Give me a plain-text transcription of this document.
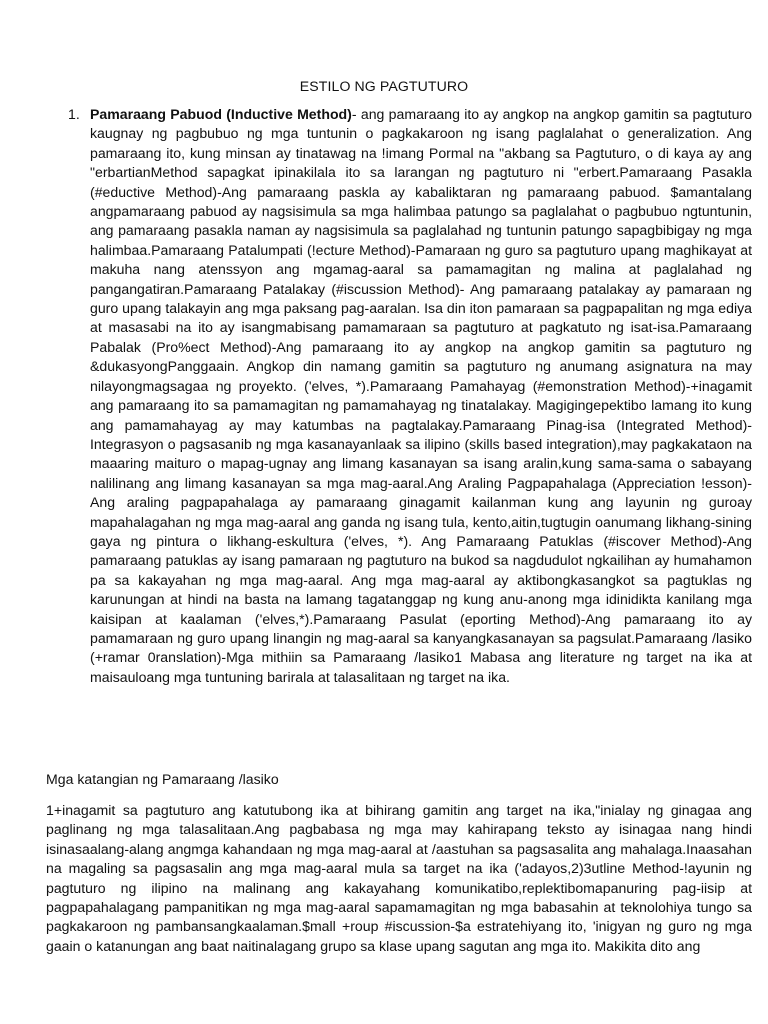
ESTILO NG PAGTUTURO
1. Pamaraang Pabuod (Inductive Method)- ang pamaraang ito ay angkop na angkop gamitin sa pagtuturo kaugnay ng pagbubuo ng mga tuntunin o pagkakaroon ng isang paglalahat o generalization. Ang pamaraang ito, kung minsan ay tinatawag na !imang Pormal na "akbang sa Pagtuturo, o di kaya ay ang "erbartianMethod sapagkat ipinakilala ito sa larangan ng pagtuturo ni "erbert.Pamaraang Pasakla (#eductive Method)-Ang pamaraang paskla ay kabaliktaran ng pamaraang pabuod. $amantalang angpamaraang pabuod ay nagsisimula sa mga halimbaa patungo sa paglalahat o pagbubuo ngtuntunin, ang pamaraang pasakla naman ay nagsisimula sa paglalahad ng tuntunin patungo sapagbibigay ng mga halimbaa.Pamaraang Patalumpati (!ecture Method)-Pamaraan ng guro sa pagtuturo upang maghikayat at makuha nang atenssyon ang mgamag-aaral sa pamamagitan ng malina at paglalahad ng pangangatiran.Pamaraang Patalakay (#iscussion Method)- Ang pamaraang patalakay ay pamaraan ng guro upang talakayin ang mga paksang pag-aaralan. Isa din iton pamaraan sa pagpapalitan ng mga ediya at masasabi na ito ay isangmabisang pamamaraan sa pagtuturo at pagkatuto ng isat-isa.Pamaraang Pabalak (Pro%ect Method)-Ang pamaraang ito ay angkop na angkop gamitin sa pagtuturo ng &dukasyongPanggaain. Angkop din namang gamitin sa pagtuturo ng anumang asignatura na may nilayongmagsagaa ng proyekto. ('elves, *).Pamaraang Pamahayag (#emonstration Method)-+inagamit ang pamaraang ito sa pamamagitan ng pamamahayag ng tinatalakay. Magigingepektibo lamang ito kung ang pamamahayag ay may katumbas na pagtalakay.Pamaraang Pinag-isa (Integrated Method)-Integrasyon o pagsasanib ng mga kasanayanlaak sa ilipino (skills based integration),may pagkakataon na maaaring maituro o mapag-ugnay ang limang kasanayan sa isang aralin,kung sama-sama o sabayang nalilinang ang limang kasanayan sa mga mag-aaral.Ang Araling Pagpapahalaga (Appreciation !esson)-Ang araling pagpapahalaga ay pamaraang ginagamit kailanman kung ang layunin ng guroay mapahalagahan ng mga mag-aaral ang ganda ng isang tula, kento,aitin,tugtugin oanumang likhang-sining gaya ng pintura o likhang-eskultura ('elves, *). Ang Pamaraang Patuklas (#iscover Method)-Ang pamaraang patuklas ay isang pamaraan ng pagtuturo na bukod sa nagdudulot ngkailihan ay humahamon pa sa kakayahan ng mga mag-aaral. Ang mga mag-aaral ay aktibongkasangkot sa pagtuklas ng karunungan at hindi na basta na lamang tagatanggap ng kung anu-anong mga idinidikta kanilang mga kaisipan at kaalaman ('elves,*).Pamaraang Pasulat (eporting Method)-Ang pamaraang ito ay pamamaraan ng guro upang linangin ng mag-aaral sa kanyangkasanayan sa pagsulat.Pamaraang /lasiko (+ramar 0ranslation)-Mga mithiin sa Pamaraang /lasiko1 Mabasa ang literature ng target na ika at maisauloang mga tuntuning barirala at talasalitaan ng target na ika.
Mga katangian ng Pamaraang /lasiko
1+inagamit sa pagtuturo ang katutubong ika at bihirang gamitin ang target na ika,"inialay ng ginagaa ang paglinang ng mga talasalitaan.Ang pagbabasa ng mga may kahirapang teksto ay isinagaa nang hindi isinasaalang-alang angmga kahandaan ng mga mag-aaral at /aastuhan sa pagsasalita ang mahalaga.Inaasahan na magaling sa pagsasalin ang mga mag-aaral mula sa target na ika ('adayos,2)3utline Method-!ayunin ng pagtuturo ng ilipino na malinang ang kakayahang komunikatibo,replektibomapanuring pag-iisip at pagpapahalagang pampanitikan ng mga mag-aaral sapamamagitan ng mga babasahin at teknolohiya tungo sa pagkakaroon ng pambansangkaalaman.$mall +roup #iscussion-$a estratehiyang ito, 'inigyan ng guro ng mga gaain o katanungan ang baat naitinalagang grupo sa klase upang sagutan ang mga ito. Makikita dito ang
